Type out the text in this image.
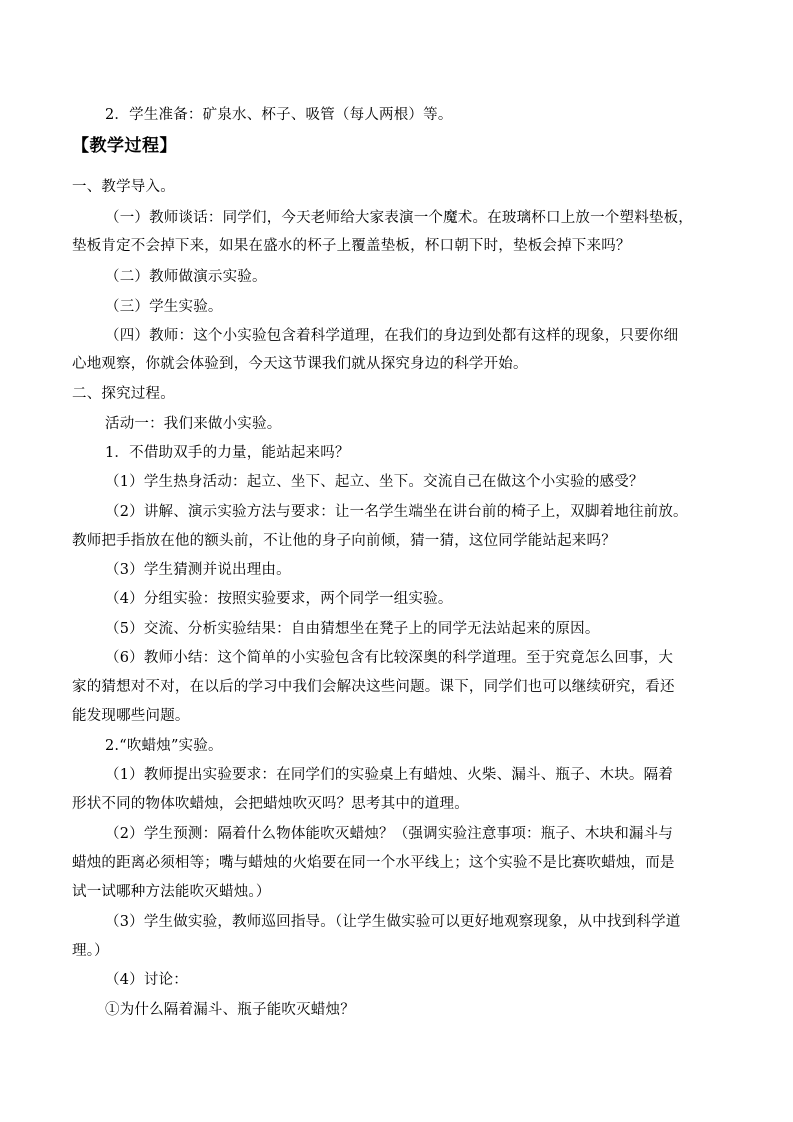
2．学生准备：矿泉水、杯子、吸管（每人两根）等。
【教学过程】
一、教学导入。
（一）教师谈话：同学们，今天老师给大家表演一个魔术。在玻璃杯口上放一个塑料垫板，
垫板肯定不会掉下来，如果在盛水的杯子上覆盖垫板，杯口朝下时，垫板会掉下来吗？
（二）教师做演示实验。
（三）学生实验。
（四）教师：这个小实验包含着科学道理，在我们的身边到处都有这样的现象，只要你细
心地观察，你就会体验到，今天这节课我们就从探究身边的科学开始。
二、探究过程。
活动一：我们来做小实验。
1．不借助双手的力量，能站起来吗？
（1）学生热身活动：起立、坐下、起立、坐下。交流自己在做这个小实验的感受？
（2）讲解、演示实验方法与要求：让一名学生端坐在讲台前的椅子上，双脚着地往前放。
教师把手指放在他的额头前，不让他的身子向前倾，猜一猜，这位同学能站起来吗？
（3）学生猜测并说出理由。
（4）分组实验：按照实验要求，两个同学一组实验。
（5）交流、分析实验结果：自由猜想坐在凳子上的同学无法站起来的原因。
（6）教师小结：这个简单的小实验包含有比较深奥的科学道理。至于究竟怎么回事，大
家的猜想对不对，在以后的学习中我们会解决这些问题。课下，同学们也可以继续研究，看还
能发现哪些问题。
2.“吹蜡烛”实验。
（1）教师提出实验要求：在同学们的实验桌上有蜡烛、火柴、漏斗、瓶子、木块。隔着
形状不同的物体吹蜡烛，会把蜡烛吹灭吗？思考其中的道理。
（2）学生预测：隔着什么物体能吹灭蜡烛？（强调实验注意事项：瓶子、木块和漏斗与
蜡烛的距离必须相等；嘴与蜡烛的火焰要在同一个水平线上；这个实验不是比赛吹蜡烛，而是
试一试哪种方法能吹灭蜡烛。）
（3）学生做实验，教师巡回指导。（让学生做实验可以更好地观察现象，从中找到科学道
理。）
（4）讨论：
①为什么隔着漏斗、瓶子能吹灭蜡烛？
